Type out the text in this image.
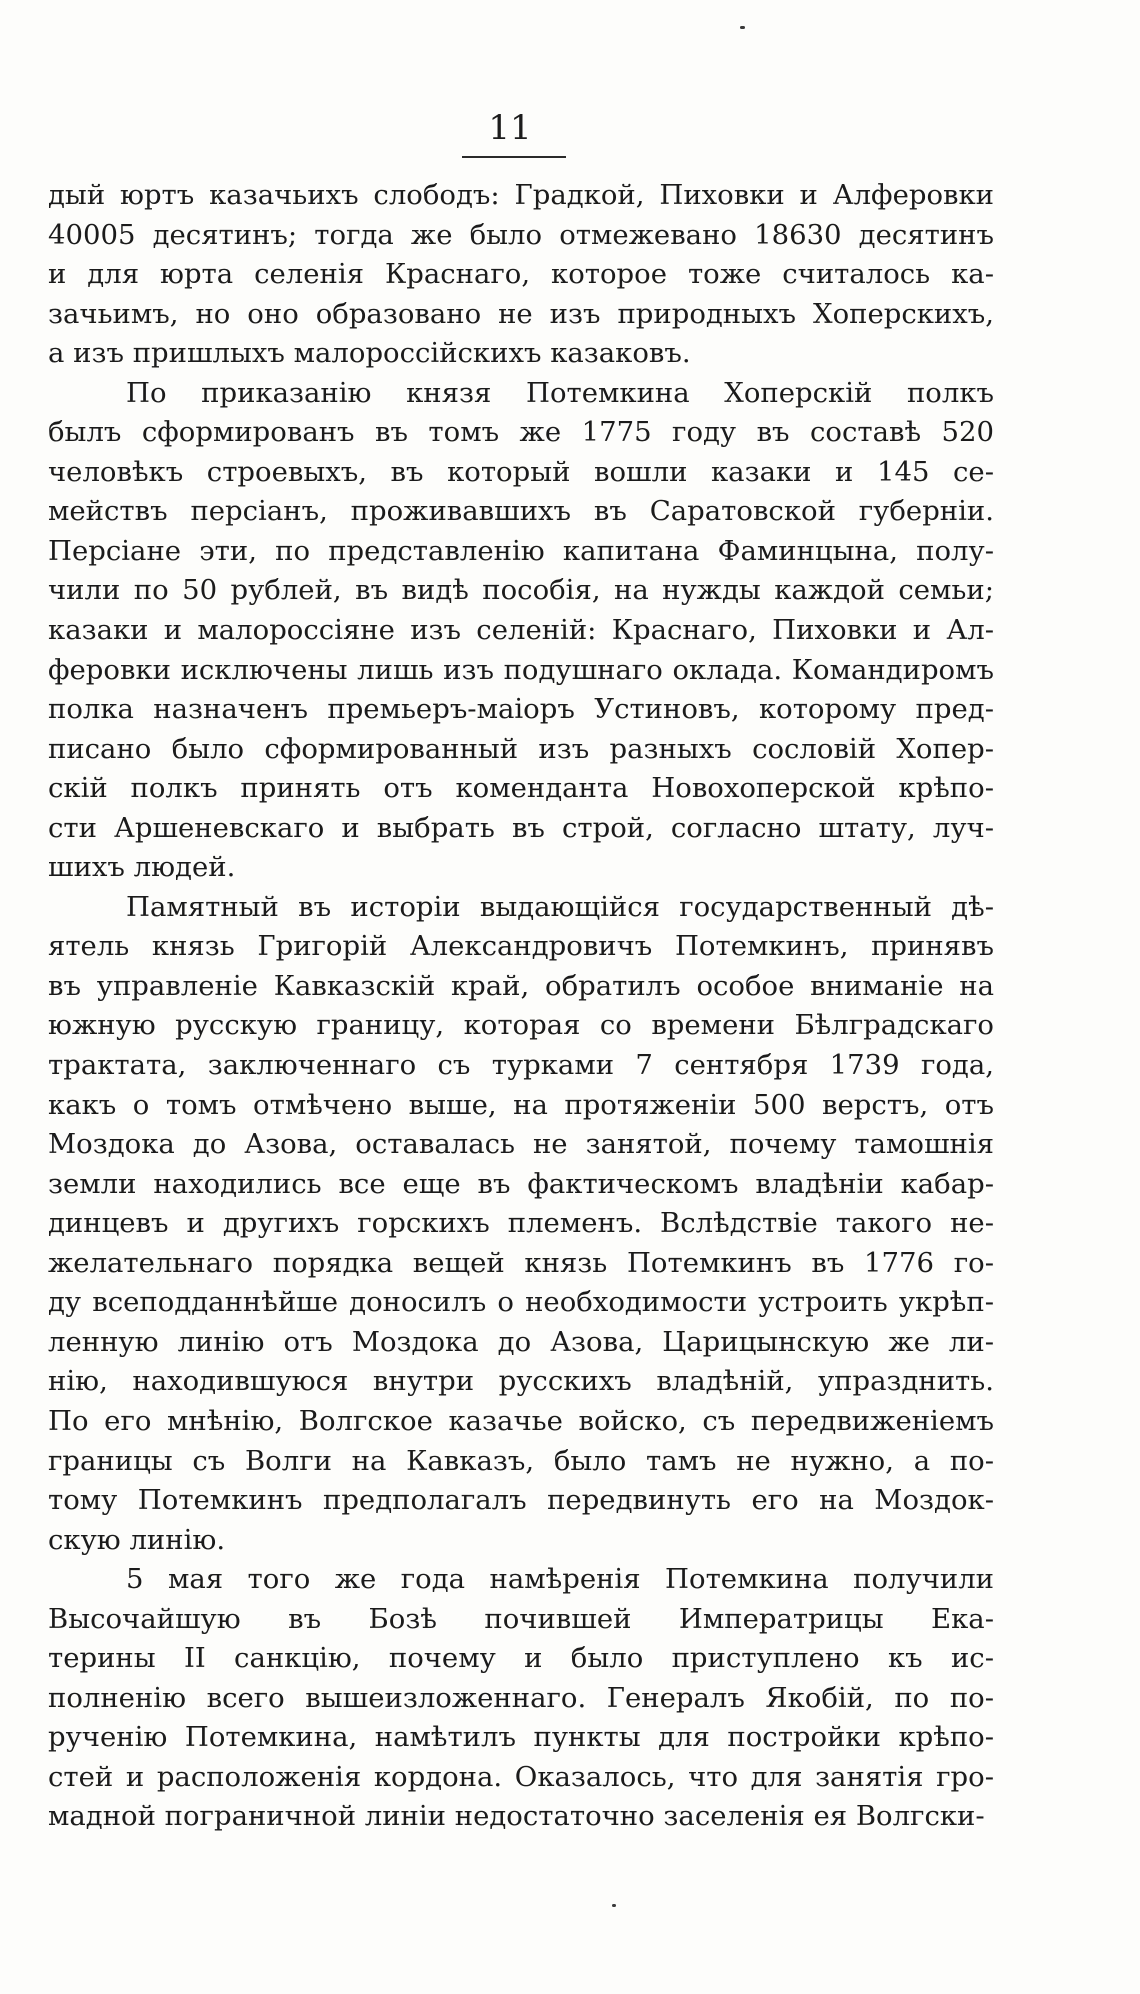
11
дый юртъ казачьихъ слободъ: Градкой, Пиховки и Алферовки
40005 десятинъ; тогда же было отмежевано 18630 десятинъ
и для юрта селенія Краснаго, которое тоже считалось ка-
зачьимъ, но оно образовано не изъ природныхъ Хоперскихъ,
а изъ пришлыхъ малороссійскихъ казаковъ.
По приказанію князя Потемкина Хоперскій полкъ
былъ сформированъ въ томъ же 1775 году въ составѣ 520
человѣкъ строевыхъ, въ который вошли казаки и 145 се-
мействъ персіанъ, проживавшихъ въ Саратовской губерніи.
Персіане эти, по представленію капитана Фаминцына, полу-
чили по 50 рублей, въ видѣ пособія, на нужды каждой семьи;
казаки и малороссіяне изъ селеній: Краснаго, Пиховки и Ал-
феровки исключены лишь изъ подушнаго оклада. Командиромъ
полка назначенъ премьеръ-маіоръ Устиновъ, которому пред-
писано было сформированный изъ разныхъ сословій Хопер-
скій полкъ принять отъ коменданта Новохоперской крѣпо-
сти Аршеневскаго и выбрать въ строй, согласно штату, луч-
шихъ людей.
Памятный въ исторіи выдающійся государственный дѣ-
ятель князь Григорій Александровичъ Потемкинъ, принявъ
въ управленіе Кавказскій край, обратилъ особое вниманіе на
южную русскую границу, которая со времени Бѣлградскаго
трактата, заключеннаго съ турками 7 сентября 1739 года,
какъ о томъ отмѣчено выше, на протяженіи 500 верстъ, отъ
Моздока до Азова, оставалась не занятой, почему тамошнія
земли находились все еще въ фактическомъ владѣніи кабар-
динцевъ и другихъ горскихъ племенъ. Вслѣдствіе такого не-
желательнаго порядка вещей князь Потемкинъ въ 1776 го-
ду всеподданнѣйше доносилъ о необходимости устроить укрѣп-
ленную линію отъ Моздока до Азова, Царицынскую же ли-
нію, находившуюся внутри русскихъ владѣній, упразднить.
По его мнѣнію, Волгское казачье войско, съ передвиженіемъ
границы съ Волги на Кавказъ, было тамъ не нужно, а по-
тому Потемкинъ предполагалъ передвинуть его на Моздок-
скую линію.
5 мая того же года намѣренія Потемкина получили
Высочайшую въ Бозѣ почившей Императрицы Ека-
терины II санкцію, почему и было приступлено къ ис-
полненію всего вышеизложеннаго. Генералъ Якобій, по по-
рученію Потемкина, намѣтилъ пункты для постройки крѣпо-
стей и расположенія кордона. Оказалось, что для занятія гро-
мадной пограничной линіи недостаточно заселенія ея Волгски-
